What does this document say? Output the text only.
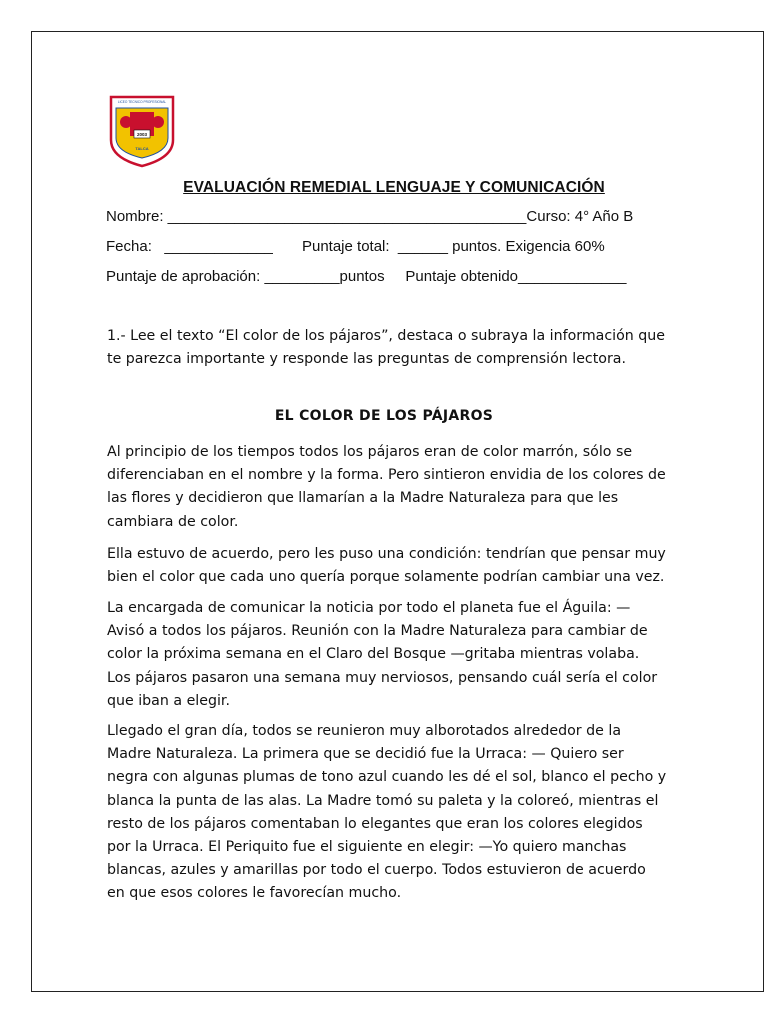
LICEO TECNICO PROFESIONAL
2003
TALCA
EVALUACIÓN REMEDIAL LENGUAJE Y COMUNICACIÓN
Nombre: ___________________________________________Curso: 4° Año B
Fecha:   _____________       Puntaje total:  ______ puntos. Exigencia 60%
Puntaje de aprobación: _________puntos     Puntaje obtenido_____________
1.- Lee el texto “El color de los pájaros”, destaca o subraya la información que te parezca importante y responde las preguntas de comprensión lectora.
EL COLOR DE LOS PÁJAROS

Al principio de los tiempos todos los pájaros eran de color marrón, sólo se diferenciaban en el nombre y la forma. Pero sintieron envidia de los colores de las flores y decidieron que llamarían a la Madre Naturaleza para que les cambiara de color.

Ella estuvo de acuerdo, pero les puso una condición: tendrían que pensar muy bien el color que cada uno quería porque solamente podrían cambiar una vez.

La encargada de comunicar la noticia por todo el planeta fue el Águila: —Avisó a todos los pájaros. Reunión con la Madre Naturaleza para cambiar de color la próxima semana en el Claro del Bosque —gritaba mientras volaba. Los pájaros pasaron una semana muy nerviosos, pensando cuál sería el color que iban a elegir.

Llegado el gran día, todos se reunieron muy alborotados alrededor de la Madre Naturaleza. La primera que se decidió fue la Urraca: — Quiero ser negra con algunas plumas de tono azul cuando les dé el sol, blanco el pecho y blanca la punta de las alas. La Madre tomó su paleta y la coloreó, mientras el resto de los pájaros comentaban lo elegantes que eran los colores elegidos por la Urraca. El Periquito fue el siguiente en elegir: —Yo quiero manchas blancas, azules y amarillas por todo el cuerpo. Todos estuvieron de acuerdo en que esos colores le favorecían mucho.
